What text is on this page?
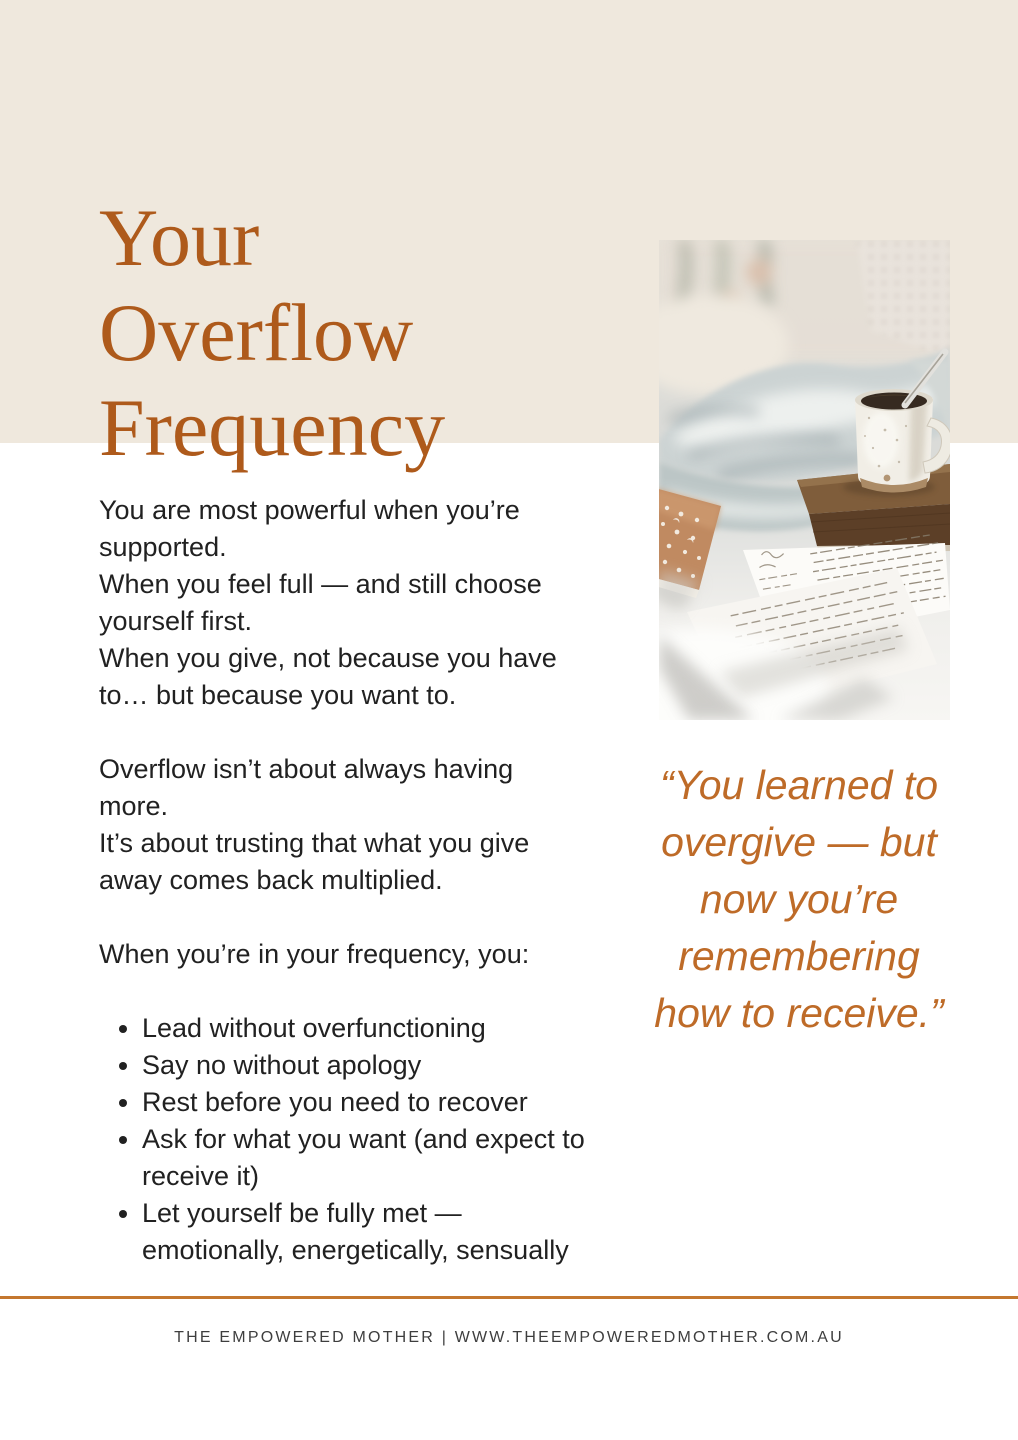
Your Overflow Frequency

You are most powerful when you’re supported.

When you feel full — and still choose yourself first.

When you give, not because you have to… but because you want to.

Overflow isn’t about always having more.

It’s about trusting that what you give away comes back multiplied.

When you’re in your frequency, you:

• Lead without overfunctioning
• Say no without apology
• Rest before you need to recover
• Ask for what you want (and expect to receive it)
• Let yourself be fully met — emotionally, energetically, sensually
“You learned to overgive — but now you’re remembering how to receive.”
THE EMPOWERED MOTHER | WWW.THEEMPOWEREDMOTHER.COM.AU
